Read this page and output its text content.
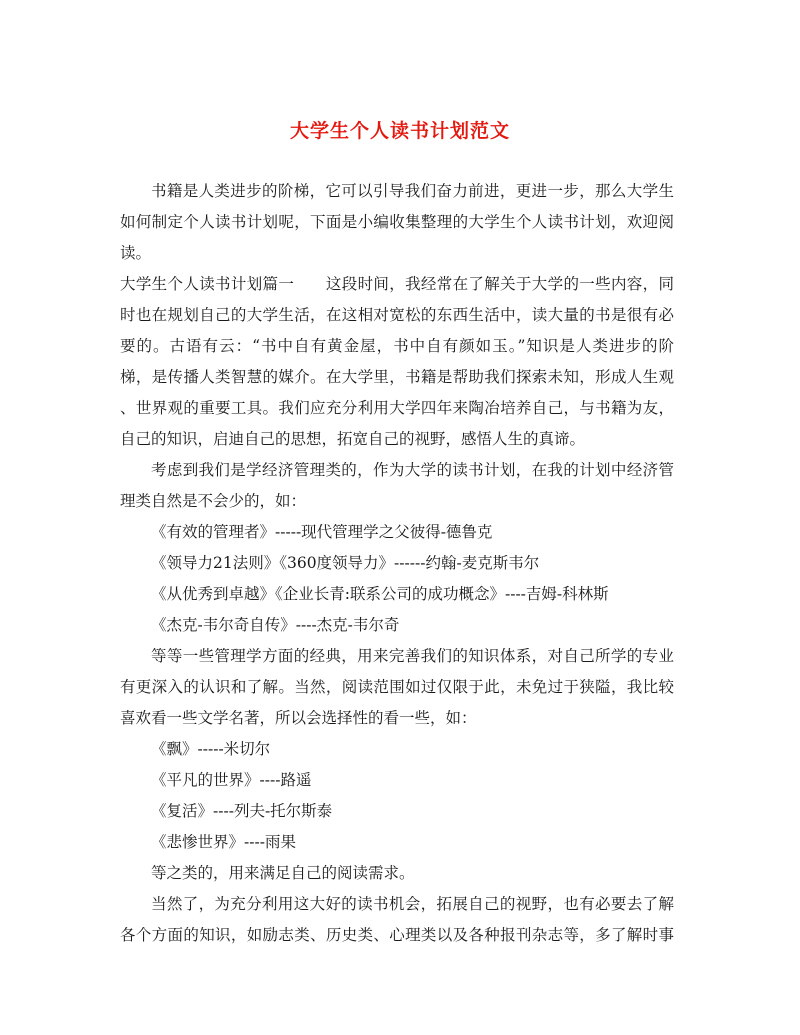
大学生个人读书计划范文
书籍是人类进步的阶梯，它可以引导我们奋力前进，更进一步，那么大学生
如何制定个人读书计划呢，下面是小编收集整理的大学生个人读书计划，欢迎阅
读。
大学生个人读书计划篇一　　这段时间，我经常在了解关于大学的一些内容，同
时也在规划自己的大学生活，在这相对宽松的东西生活中，读大量的书是很有必
要的。古语有云：“书中自有黄金屋，书中自有颜如玉。”知识是人类进步的阶
梯，是传播人类智慧的媒介。在大学里，书籍是帮助我们探索未知，形成人生观
、世界观的重要工具。我们应充分利用大学四年来陶冶培养自己，与书籍为友，
自己的知识，启迪自己的思想，拓宽自己的视野，感悟人生的真谛。
考虑到我们是学经济管理类的，作为大学的读书计划，在我的计划中经济管
理类自然是不会少的，如：
《有效的管理者》-----现代管理学之父彼得-德鲁克
《领导力21法则》《360度领导力》------约翰-麦克斯韦尔
《从优秀到卓越》《企业长青:联系公司的成功概念》----吉姆-科林斯
《杰克-韦尔奇自传》----杰克-韦尔奇
等等一些管理学方面的经典，用来完善我们的知识体系，对自己所学的专业
有更深入的认识和了解。当然，阅读范围如过仅限于此，未免过于狭隘，我比较
喜欢看一些文学名著，所以会选择性的看一些，如：
《飘》-----米切尔
《平凡的世界》----路遥
《复活》----列夫-托尔斯泰
《悲惨世界》----雨果
等之类的，用来满足自己的阅读需求。
当然了，为充分利用这大好的读书机会，拓展自己的视野，也有必要去了解
各个方面的知识，如励志类、历史类、心理类以及各种报刊杂志等，多了解时事
